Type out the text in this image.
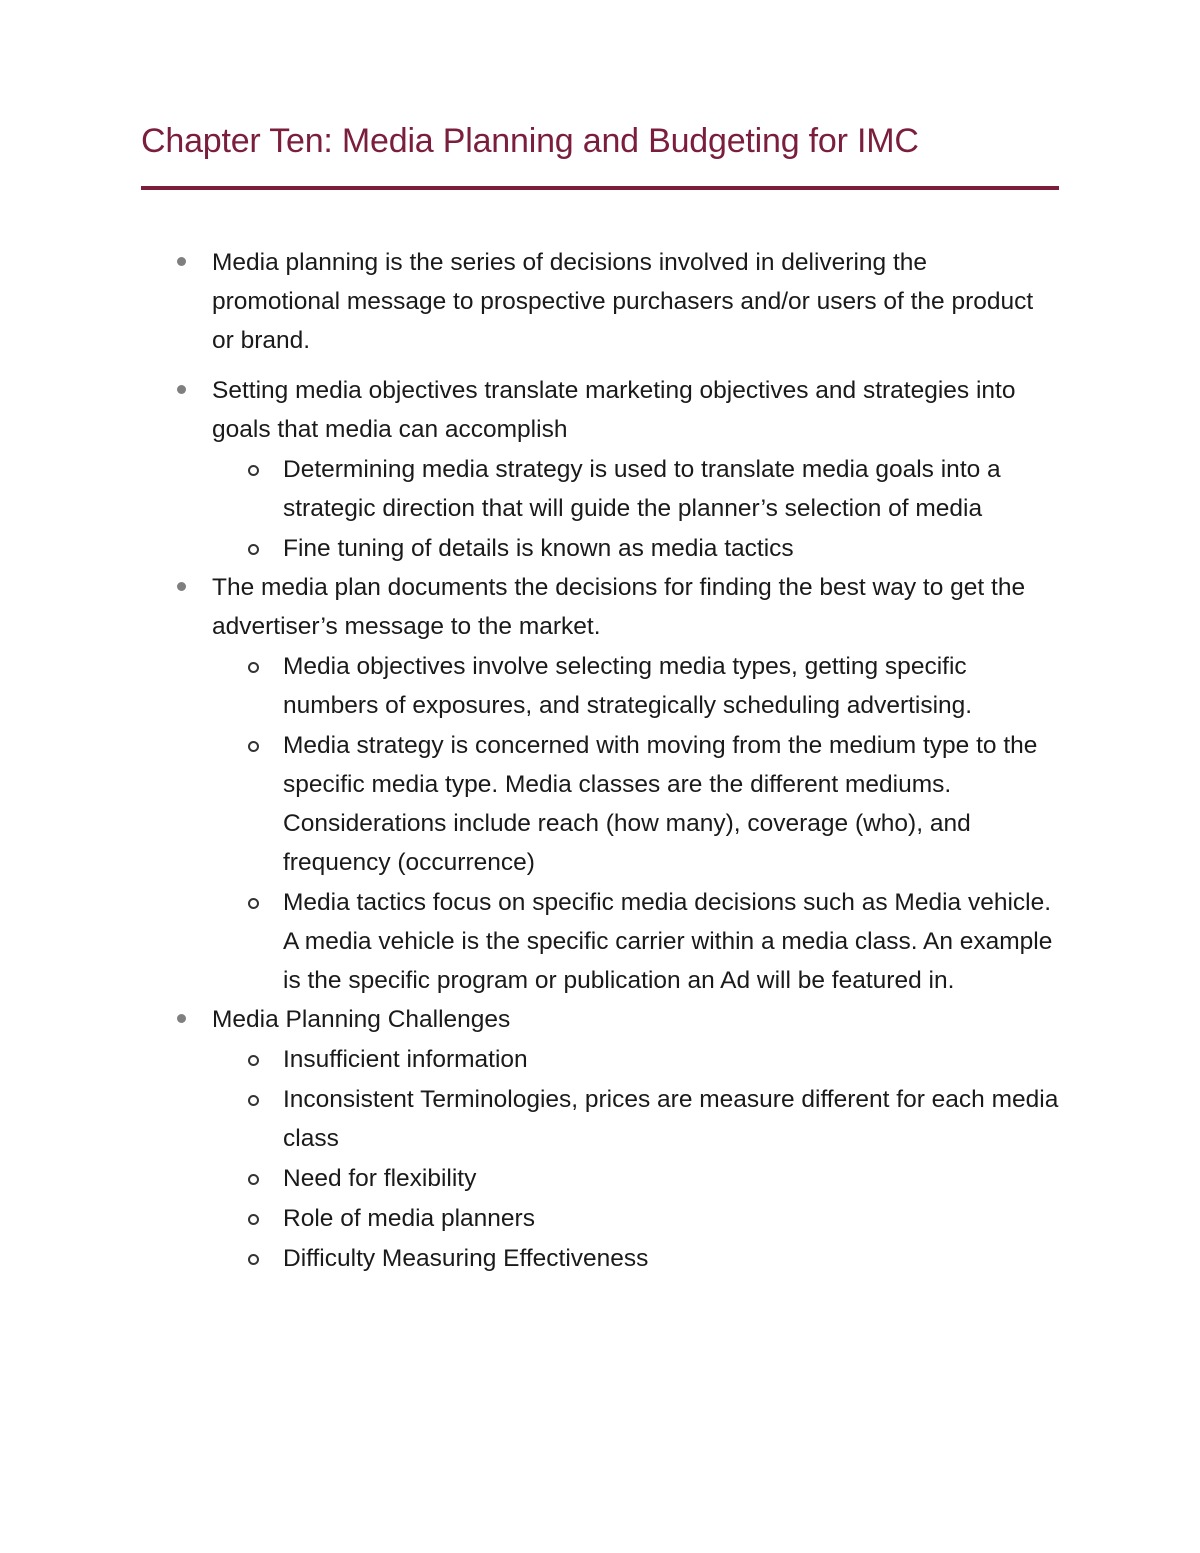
Chapter Ten: Media Planning and Budgeting for IMC
Media planning is the series of decisions involved in delivering the promotional message to prospective purchasers and/or users of the product or brand.
Setting media objectives translate marketing objectives and strategies into goals that media can accomplish
Determining media strategy is used to translate media goals into a strategic direction that will guide the planner’s selection of media
Fine tuning of details is known as media tactics
The media plan documents the decisions for finding the best way to get the advertiser’s message to the market.
Media objectives involve selecting media types, getting specific numbers of exposures, and strategically scheduling advertising.
Media strategy is concerned with moving from the medium type to the specific media type. Media classes are the different mediums. Considerations include reach (how many), coverage (who), and frequency (occurrence)
Media tactics focus on specific media decisions such as Media vehicle. A media vehicle is the specific carrier within a media class. An example is the specific program or publication an Ad will be featured in.
Media Planning Challenges
Insufficient information
Inconsistent Terminologies, prices are measure different for each media class
Need for flexibility
Role of media planners
Difficulty Measuring Effectiveness
